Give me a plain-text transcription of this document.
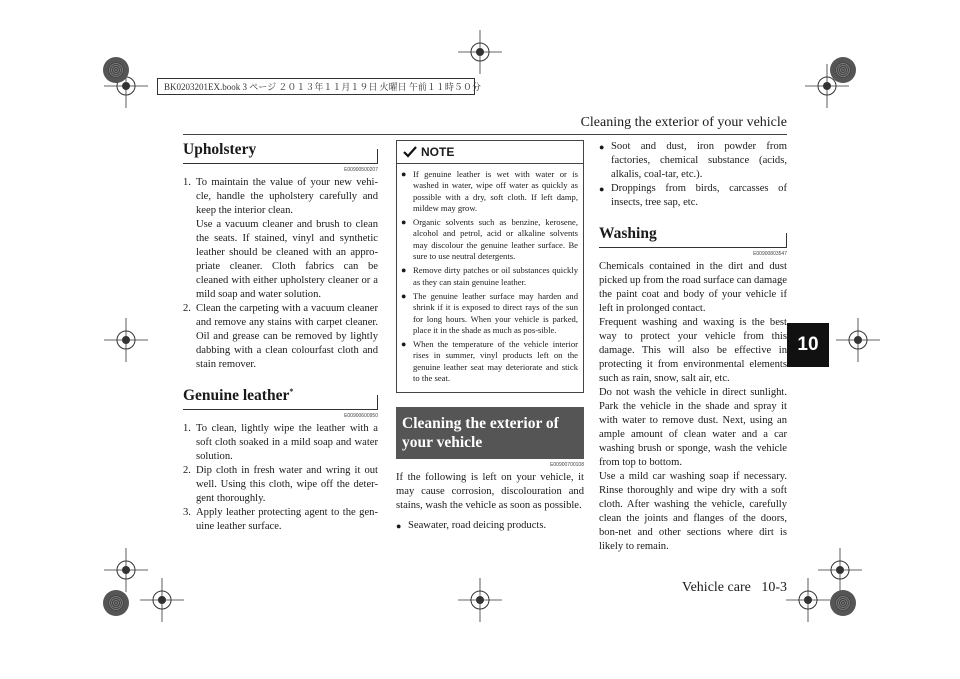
BK0203201EX.book 3 ページ ２０１３年１１月１９日 火曜日 午前１１時５０分
Cleaning the exterior of your vehicle
Vehicle care 10-3
10
Upholstery
E00900500207
1. To maintain the value of your new vehi-cle, handle the upholstery carefully and keep the interior clean.

Use a vacuum cleaner and brush to clean the seats. If stained, vinyl and synthetic leather should be cleaned with an appro-priate cleaner. Cloth fabrics can be cleaned with either upholstery cleaner or a mild soap and water solution.

2. Clean the carpeting with a vacuum cleaner and remove any stains with carpet cleaner. Oil and grease can be removed by lightly dabbing with a clean colourfast cloth and stain remover.

Genuine leather*
E00900600950
1. To clean, lightly wipe the leather with a soft cloth soaked in a mild soap and water solution.

2. Dip cloth in fresh water and wring it out well. Using this cloth, wipe off the deter-gent thoroughly.

3. Apply leather protecting agent to the gen-uine leather surface.

NOTE
● If genuine leather is wet with water or is washed in water, wipe off water as quickly as possible with a dry, soft cloth. If left damp, mildew may grow.
● Organic solvents such as benzine, kerosene, alcohol and petrol, acid or alkaline solvents may discolour the genuine leather surface. Be sure to use neutral detergents.
● Remove dirty patches or oil substances quickly as they can stain genuine leather.
● The genuine leather surface may harden and shrink if it is exposed to direct rays of the sun for long hours. When your vehicle is parked, place it in the shade as much as pos-sible.
● When the temperature of the vehicle interior rises in summer, vinyl products left on the genuine leather seat may deteriorate and stick to the seat.
Cleaning the exterior of your vehicle
E00900700108

If the following is left on your vehicle, it may cause corrosion, discolouration and stains, wash the vehicle as soon as possible.

● Seawater, road deicing products.
● Soot and dust, iron powder from factories, chemical substance (acids, alkalis, coal-tar, etc.).
● Droppings from birds, carcasses of insects, tree sap, etc.
Washing
E00900803547

Chemicals contained in the dirt and dust picked up from the road surface can damage the paint coat and body of your vehicle if left in prolonged contact.

Frequent washing and waxing is the best way to protect your vehicle from this damage. This will also be effective in protecting it from environmental elements such as rain, snow, salt air, etc.

Do not wash the vehicle in direct sunlight. Park the vehicle in the shade and spray it with water to remove dust. Next, using an ample amount of clean water and a car washing brush or sponge, wash the vehicle from top to bottom.

Use a mild car washing soap if necessary. Rinse thoroughly and wipe dry with a soft cloth. After washing the vehicle, carefully clean the joints and flanges of the doors, bon-net and other sections where dirt is likely to remain.
